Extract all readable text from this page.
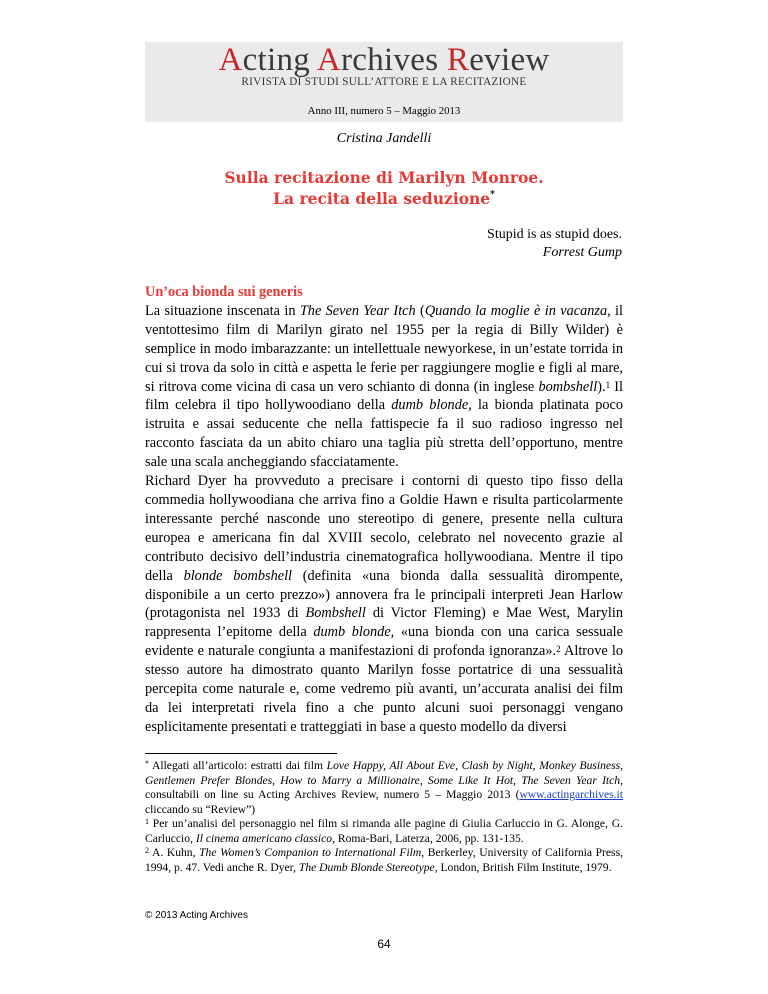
Acting Archives Review
RIVISTA DI STUDI SULL’ATTORE E LA RECITAZIONE
Anno III, numero 5 – Maggio 2013
Cristina Jandelli
Sulla recitazione di Marilyn Monroe.
La recita della seduzione*
Stupid is as stupid does.
Forrest Gump

Un’oca bionda sui generis

La situazione inscenata in The Seven Year Itch (Quando la moglie è in vacanza, il ventottesimo film di Marilyn girato nel 1955 per la regia di Billy Wilder) è semplice in modo imbarazzante: un intellettuale newyorkese, in un’estate torrida in cui si trova da solo in città e aspetta le ferie per raggiungere moglie e figli al mare, si ritrova come vicina di casa un vero schianto di donna (in inglese bombshell).$^1$ Il film celebra il tipo hollywoodiano della dumb blonde, la bionda platinata poco istruita e assai seducente che nella fattispecie fa il suo radioso ingresso nel racconto fasciata da un abito chiaro una taglia più stretta dell’opportuno, mentre sale una scala ancheggiando sfacciatamente.

Richard Dyer ha provveduto a precisare i contorni di questo tipo fisso della commedia hollywoodiana che arriva fino a Goldie Hawn e risulta particolarmente interessante perché nasconde uno stereotipo di genere, presente nella cultura europea e americana fin dal XVIII secolo, celebrato nel novecento grazie al contributo decisivo dell’industria cinematografica hollywoodiana. Mentre il tipo della blonde bombshell (definita «una bionda dalla sessualità dirompente, disponibile a un certo prezzo») annovera fra le principali interpreti Jean Harlow (protagonista nel 1933 di Bombshell di Victor Fleming) e Mae West, Marylin rappresenta l’epitome della dumb blonde, «una bionda con una carica sessuale evidente e naturale congiunta a manifestazioni di profonda ignoranza».$^2$ Altrove lo stesso autore ha dimostrato quanto Marilyn fosse portatrice di una sessualità percepita come naturale e, come vedremo più avanti, un’accurata analisi dei film da lei interpretati rivela fino a che punto alcuni suoi personaggi vengano esplicitamente presentati e tratteggiati in base a questo modello da diversi

* Allegati all’articolo: estratti dai film Love Happy, All About Eve, Clash by Night, Monkey Business, Gentlemen Prefer Blondes, How to Marry a Millionaire, Some Like It Hot, The Seven Year Itch, consultabili on line su Acting Archives Review, numero 5 – Maggio 2013 (www.actingarchives.it cliccando su “Review”)

$^1$ Per un’analisi del personaggio nel film si rimanda alle pagine di Giulia Carluccio in G. Alonge, G. Carluccio, Il cinema americano classico, Roma-Bari, Laterza, 2006, pp. 131-135.

$^2$ A. Kuhn, The Women’s Companion to International Film, Berkerley, University of California Press, 1994, p. 47. Vedi anche R. Dyer, The Dumb Blonde Stereotype, London, British Film Institute, 1979.

© 2013 Acting Archives
64
